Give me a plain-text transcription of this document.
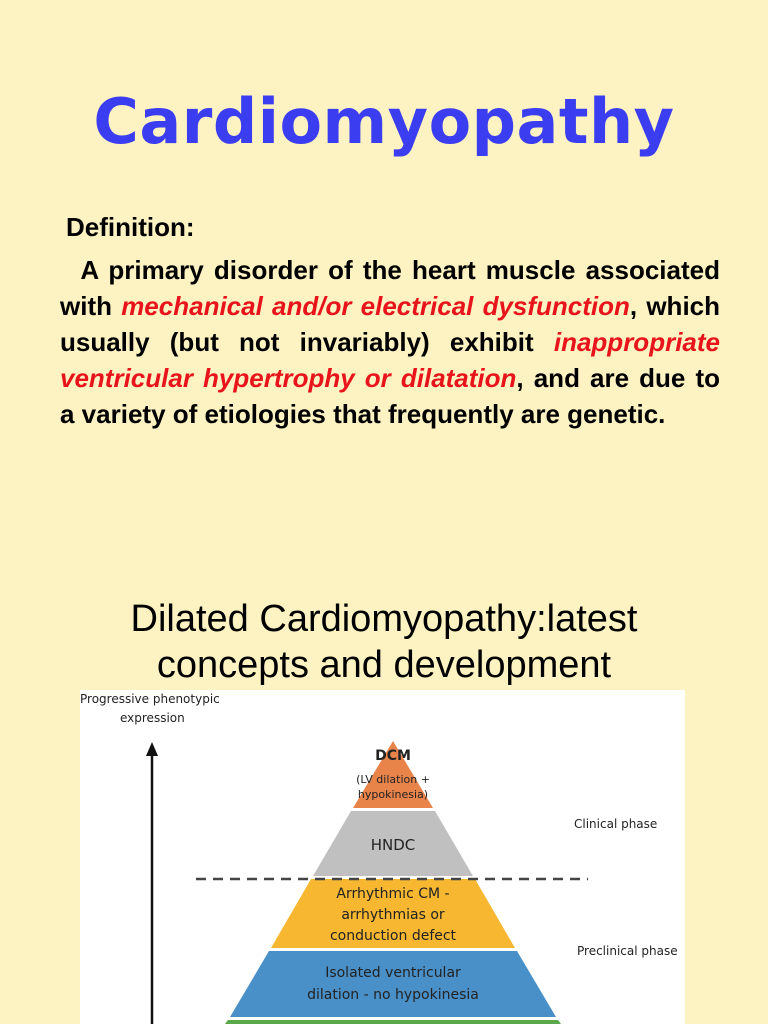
Cardiomyopathy
Definition:
A primary disorder of the heart muscle associated with mechanical and/or electrical dysfunction, which usually (but not invariably) exhibit inappropriate ventricular hypertrophy or dilatation, and are due to a variety of etiologies that frequently are genetic.
Dilated Cardiomyopathy:latest concepts and development
Progressive phenotypic
expression
DCM
(LV dilation +
hypokinesia)
HNDC
Arrhythmic CM -
arrhythmias or
conduction defect
Isolated ventricular
dilation - no hypokinesia
Clinical phase
Preclinical phase
